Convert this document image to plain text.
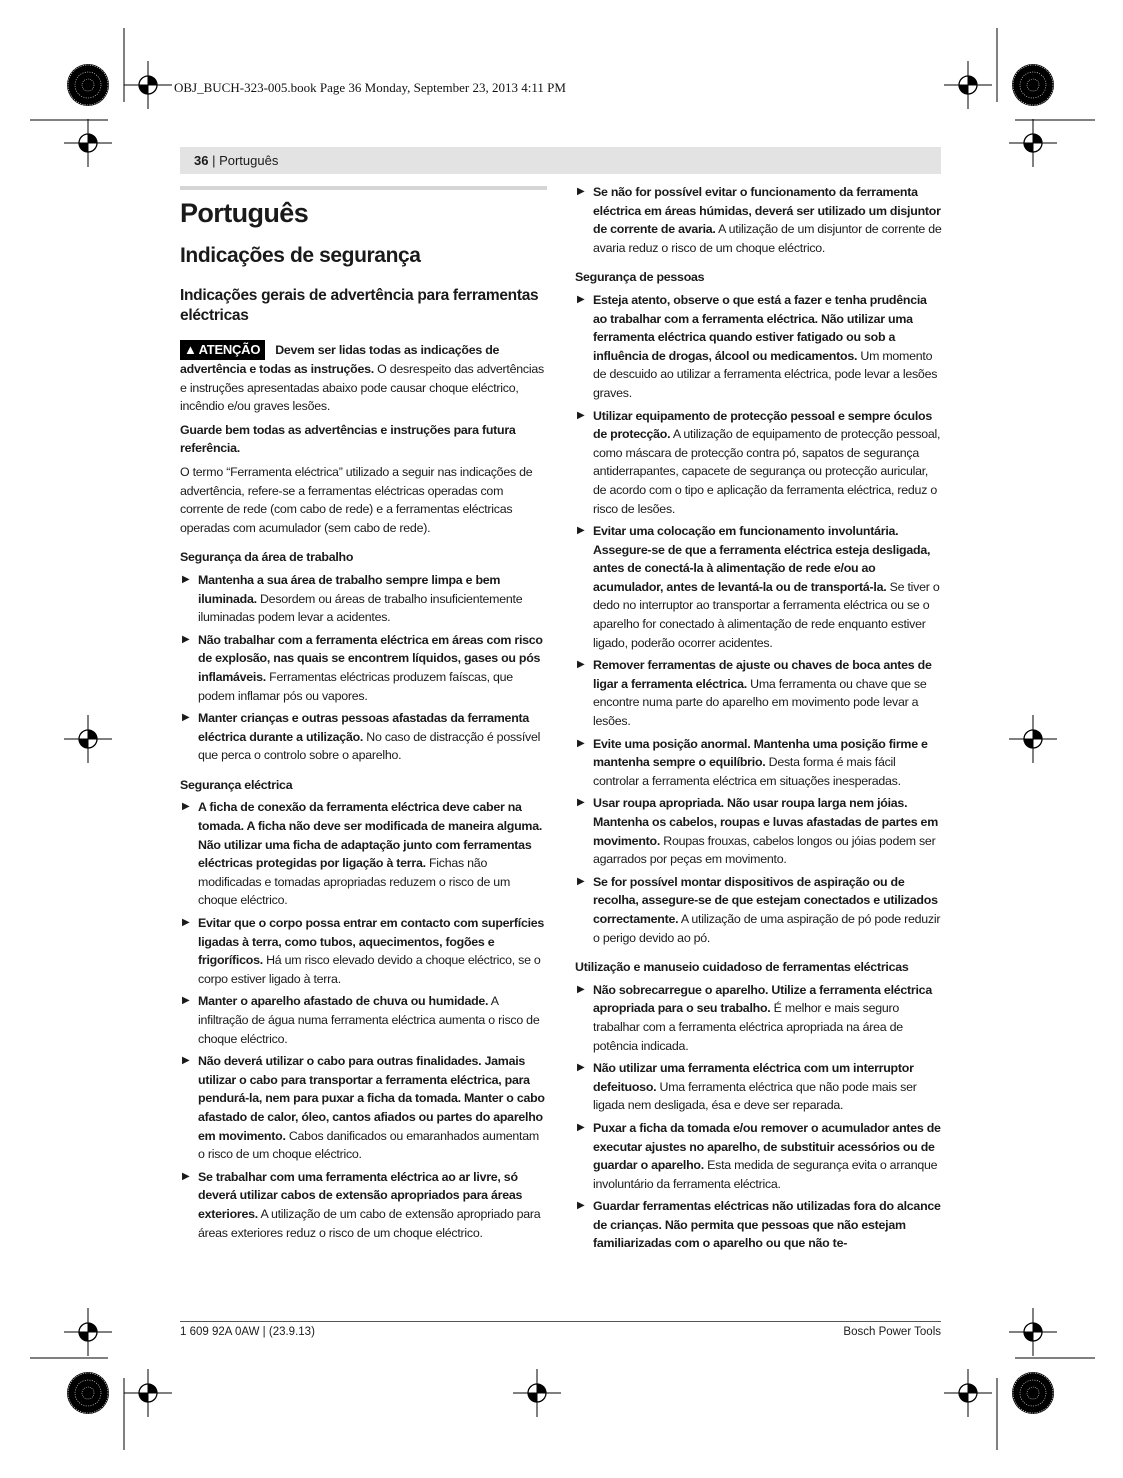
OBJ_BUCH-323-005.book Page 36 Monday, September 23, 2013 4:11 PM
36 | Português
Português
Indicações de segurança
Indicações gerais de advertência para ferramentas eléctricas

▲ ATENÇÃO Devem ser lidas todas as indicações de advertência e todas as instruções. O desrespeito das advertências e instruções apresentadas abaixo pode causar choque eléctrico, incêndio e/ou graves lesões.

Guarde bem todas as advertências e instruções para futura referência.

O termo “Ferramenta eléctrica” utilizado a seguir nas indicações de advertência, refere-se a ferramentas eléctricas operadas com corrente de rede (com cabo de rede) e a ferramentas eléctricas operadas com acumulador (sem cabo de rede).

Segurança da área de trabalho

▶ Mantenha a sua área de trabalho sempre limpa e bem iluminada. Desordem ou áreas de trabalho insuficientemente iluminadas podem levar a acidentes.
▶ Não trabalhar com a ferramenta eléctrica em áreas com risco de explosão, nas quais se encontrem líquidos, gases ou pós inflamáveis. Ferramentas eléctricas produzem faíscas, que podem inflamar pós ou vapores.
▶ Manter crianças e outras pessoas afastadas da ferramenta eléctrica durante a utilização. No caso de distracção é possível que perca o controlo sobre o aparelho.

Segurança eléctrica

▶ A ficha de conexão da ferramenta eléctrica deve caber na tomada. A ficha não deve ser modificada de maneira alguma. Não utilizar uma ficha de adaptação junto com ferramentas eléctricas protegidas por ligação à terra. Fichas não modificadas e tomadas apropriadas reduzem o risco de um choque eléctrico.
▶ Evitar que o corpo possa entrar em contacto com superfícies ligadas à terra, como tubos, aquecimentos, fogões e frigoríficos. Há um risco elevado devido a choque eléctrico, se o corpo estiver ligado à terra.
▶ Manter o aparelho afastado de chuva ou humidade. A infiltração de água numa ferramenta eléctrica aumenta o risco de choque eléctrico.
▶ Não deverá utilizar o cabo para outras finalidades. Jamais utilizar o cabo para transportar a ferramenta eléctrica, para pendurá-la, nem para puxar a ficha da tomada. Manter o cabo afastado de calor, óleo, cantos afiados ou partes do aparelho em movimento. Cabos danificados ou emaranhados aumentam o risco de um choque eléctrico.
▶ Se trabalhar com uma ferramenta eléctrica ao ar livre, só deverá utilizar cabos de extensão apropriados para áreas exteriores. A utilização de um cabo de extensão apropriado para áreas exteriores reduz o risco de um choque eléctrico.
▶ Se não for possível evitar o funcionamento da ferramenta eléctrica em áreas húmidas, deverá ser utilizado um disjuntor de corrente de avaria. A utilização de um disjuntor de corrente de avaria reduz o risco de um choque eléctrico.

Segurança de pessoas

▶ Esteja atento, observe o que está a fazer e tenha prudência ao trabalhar com a ferramenta eléctrica. Não utilizar uma ferramenta eléctrica quando estiver fatigado ou sob a influência de drogas, álcool ou medicamentos. Um momento de descuido ao utilizar a ferramenta eléctrica, pode levar a lesões graves.
▶ Utilizar equipamento de protecção pessoal e sempre óculos de protecção. A utilização de equipamento de protecção pessoal, como máscara de protecção contra pó, sapatos de segurança antiderrapantes, capacete de segurança ou protecção auricular, de acordo com o tipo e aplicação da ferramenta eléctrica, reduz o risco de lesões.
▶ Evitar uma colocação em funcionamento involuntária. Assegure-se de que a ferramenta eléctrica esteja desligada, antes de conectá-la à alimentação de rede e/ou ao acumulador, antes de levantá-la ou de transportá-la. Se tiver o dedo no interruptor ao transportar a ferramenta eléctrica ou se o aparelho for conectado à alimentação de rede enquanto estiver ligado, poderão ocorrer acidentes.
▶ Remover ferramentas de ajuste ou chaves de boca antes de ligar a ferramenta eléctrica. Uma ferramenta ou chave que se encontre numa parte do aparelho em movimento pode levar a lesões.
▶ Evite uma posição anormal. Mantenha uma posição firme e mantenha sempre o equilíbrio. Desta forma é mais fácil controlar a ferramenta eléctrica em situações inesperadas.
▶ Usar roupa apropriada. Não usar roupa larga nem jóias. Mantenha os cabelos, roupas e luvas afastadas de partes em movimento. Roupas frouxas, cabelos longos ou jóias podem ser agarrados por peças em movimento.
▶ Se for possível montar dispositivos de aspiração ou de recolha, assegure-se de que estejam conectados e utilizados correctamente. A utilização de uma aspiração de pó pode reduzir o perigo devido ao pó.

Utilização e manuseio cuidadoso de ferramentas eléctricas

▶ Não sobrecarregue o aparelho. Utilize a ferramenta eléctrica apropriada para o seu trabalho. É melhor e mais seguro trabalhar com a ferramenta eléctrica apropriada na área de potência indicada.
▶ Não utilizar uma ferramenta eléctrica com um interruptor defeituoso. Uma ferramenta eléctrica que não pode mais ser ligada nem desligada, ésa e deve ser reparada.
▶ Puxar a ficha da tomada e/ou remover o acumulador antes de executar ajustes no aparelho, de substituir acessórios ou de guardar o aparelho. Esta medida de segurança evita o arranque involuntário da ferramenta eléctrica.
▶ Guardar ferramentas eléctricas não utilizadas fora do alcance de crianças. Não permita que pessoas que não estejam familiarizadas com o aparelho ou que não te-
1 609 92A 0AW | (23.9.13)	Bosch Power Tools
